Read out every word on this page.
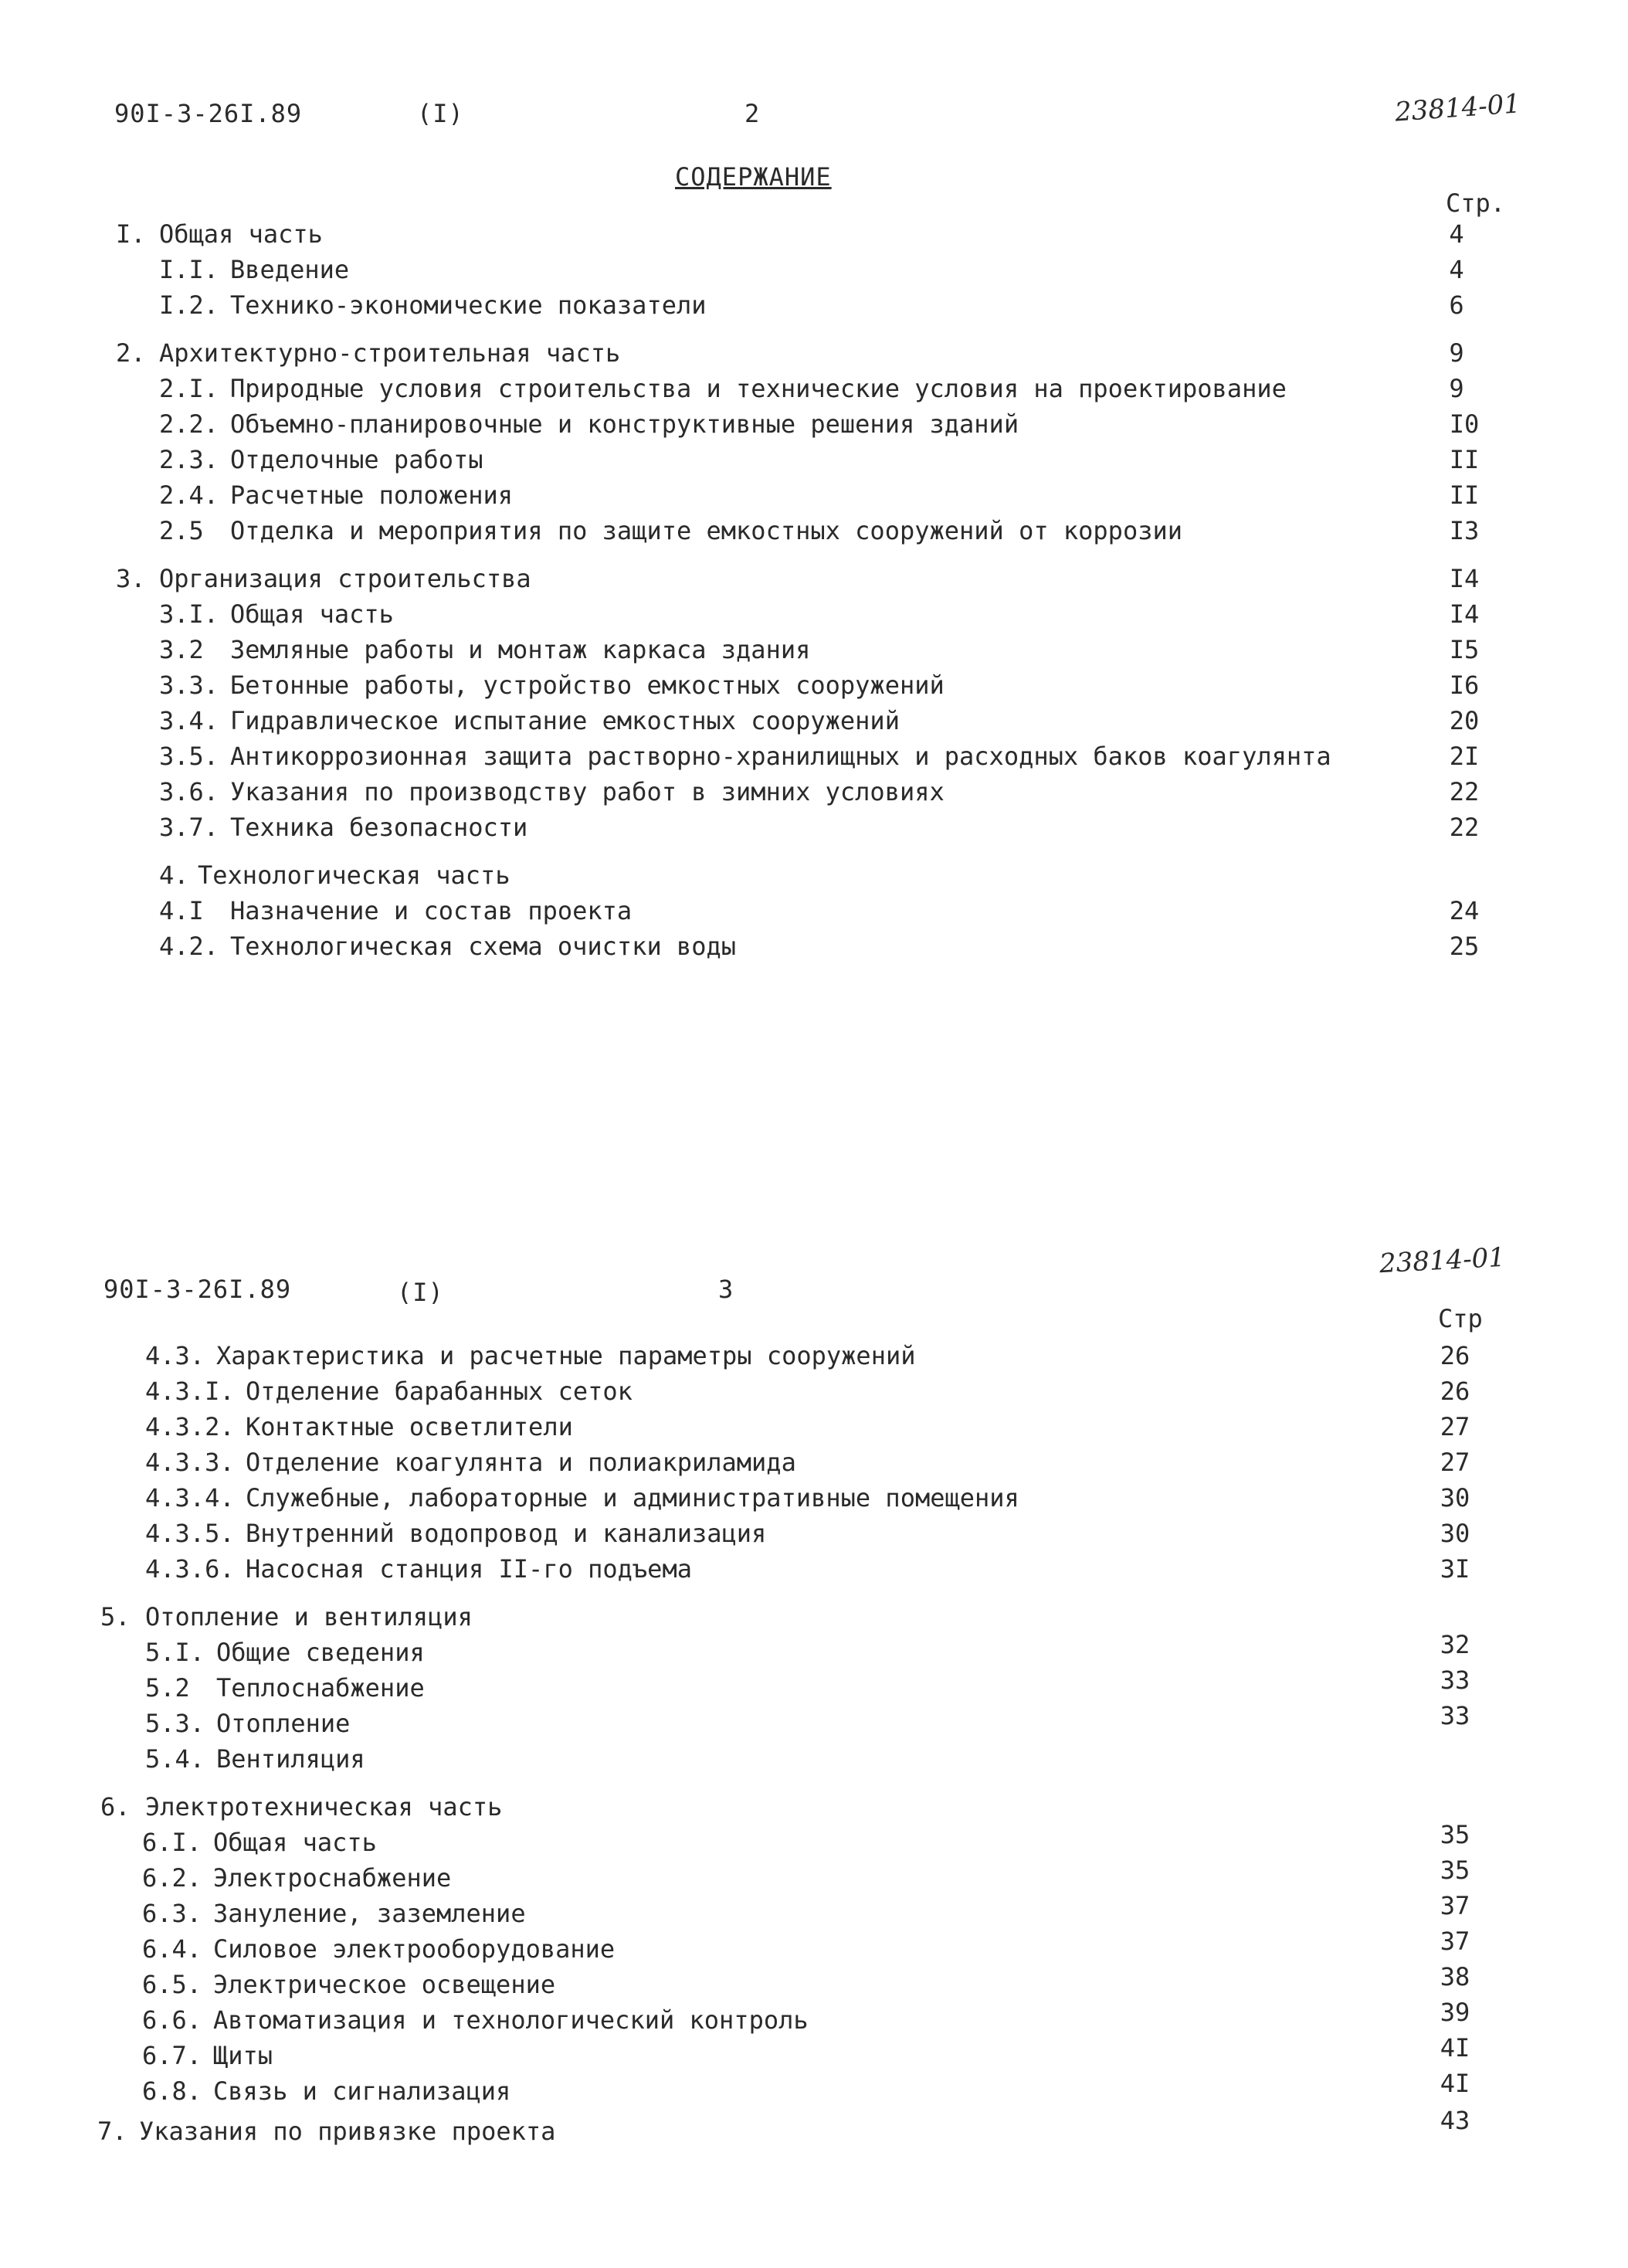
90I-3-26I.89	(I)	2	23814-01
СОДЕРЖАНИЕ
Стр.
I. Общая часть	4
I.I. Введение	4
I.2. Технико-экономические показатели	6
2. Архитектурно-строительная часть	9
2.I. Природные условия строительства и технические условия на проектирование	9
2.2. Объемно-планировочные и конструктивные решения зданий	I0
2.3. Отделочные работы	II
2.4. Расчетные положения	II
2.5 Отделка и мероприятия по защите емкостных сооружений от коррозии	I3
3. Организация строительства	I4
3.I. Общая часть	I4
3.2 Земляные работы и монтаж каркаса здания	I5
3.3. Бетонные работы, устройство емкостных сооружений	I6
3.4. Гидравлическое испытание емкостных сооружений	20
3.5. Антикоррозионная защита растворно-хранилищных и расходных баков коагулянта	2I
3.6. Указания по производству работ в зимних условиях	22
3.7. Техника безопасности	22
4. Технологическая часть
4.I Назначение и состав проекта	24
4.2. Технологическая схема очистки воды	25
23814-01
90I-3-26I.89	(I)	3
Стр
4.3. Характеристика и расчетные параметры сооружений	26
4.3.I. Отделение барабанных сеток	26
4.3.2. Контактные осветлители	27
4.3.3. Отделение коагулянта и полиакриламида	27
4.3.4. Служебные, лабораторные и административные помещения	30
4.3.5. Внутренний водопровод и канализация	30
4.3.6. Насосная станция II-го подъема	3I
5. Отопление и вентиляция
5.I. Общие сведения	32
5.2 Теплоснабжение	33
5.3. Отопление	33
5.4. Вентиляция
6. Электротехническая часть
6.I. Общая часть	35
6.2. Электроснабжение	35
6.3. Зануление, заземление	37
6.4. Силовое электрооборудование	37
6.5. Электрическое освещение	38
6.6. Автоматизация и технологический контроль	39
6.7. Щиты	4I
6.8. Связь и сигнализация	4I
7. Указания по привязке проекта	43
